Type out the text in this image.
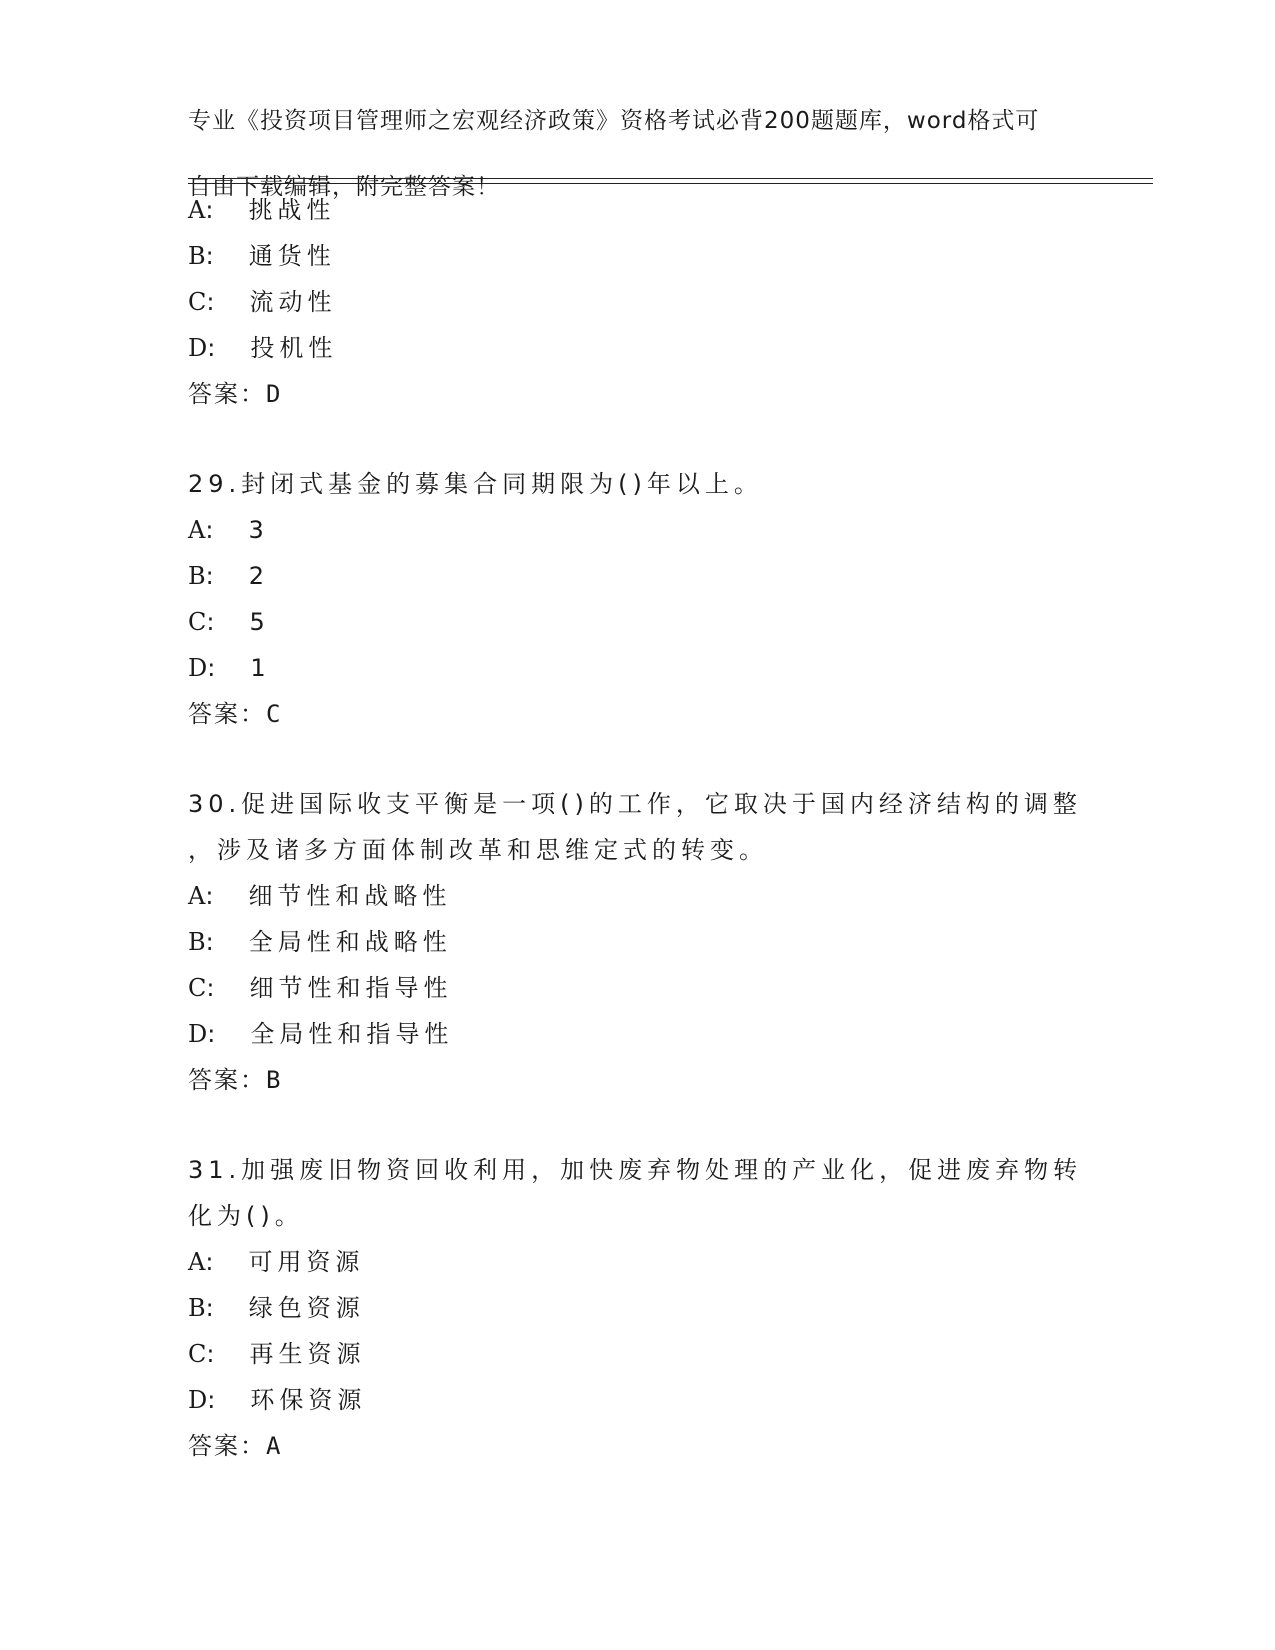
专业《投资项目管理师之宏观经济政策》资格考试必背200题题库，word格式可

自由下载编辑，附完整答案！

A: 挑战性
B: 通货性
C: 流动性
D: 投机性
答案：D
29.封闭式基金的募集合同期限为()年以上。
A: 3
B: 2
C: 5
D: 1
答案：C
30.促进国际收支平衡是一项()的工作，它取决于国内经济结构的调整
，涉及诸多方面体制改革和思维定式的转变。
A: 细节性和战略性
B: 全局性和战略性
C: 细节性和指导性
D: 全局性和指导性
答案：B
31.加强废旧物资回收利用，加快废弃物处理的产业化，促进废弃物转
化为()。
A: 可用资源
B: 绿色资源
C: 再生资源
D: 环保资源
答案：A
